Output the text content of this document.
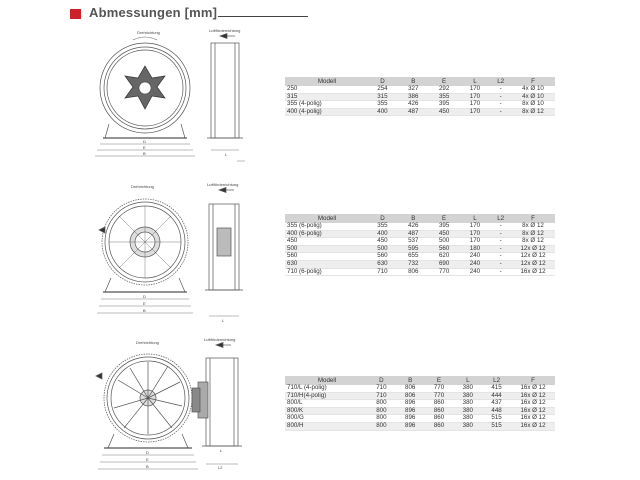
Abmessungen [mm]
Drehrichtung	Luftförderrichtung
D
E
B	L
Modell	D	B	E	L	L2	F
250	254	327	292	170	-	4x Ø 10
315	315	386	355	170	-	4x Ø 10
355 (4-polig)	355	426	395	170	-	8x Ø 10
400 (4-polig)	400	487	450	170	-	8x Ø 12
Drehrichtung	Luftförderrichtung
D
E
B
L
Modell	D	B	E	L	L2	F
355 (6-polig)	355	426	395	170	-	8x Ø 12
400 (6-polig)	400	487	450	170	-	8x Ø 12
450	450	537	500	170	-	8x Ø 12
500	500	595	560	180	-	12x Ø 12
560	560	655	620	240	-	12x Ø 12
630	630	732	690	240	-	12x Ø 12
710 (6-polig)	710	806	770	240	-	16x Ø 12
Drehrichtung
Luftförderrichtung
D
E
B
L
L2
Modell	D	B	E	L	L2	F
710/L (4-polig)	710	806	770	380	415	16x Ø 12
710/H(4-polig)	710	806	770	380	444	16x Ø 12
800/L	800	896	860	380	437	16x Ø 12
800/K	800	896	860	380	448	16x Ø 12
800/G	800	896	860	380	515	16x Ø 12
800/H	800	896	860	380	515	16x Ø 12
